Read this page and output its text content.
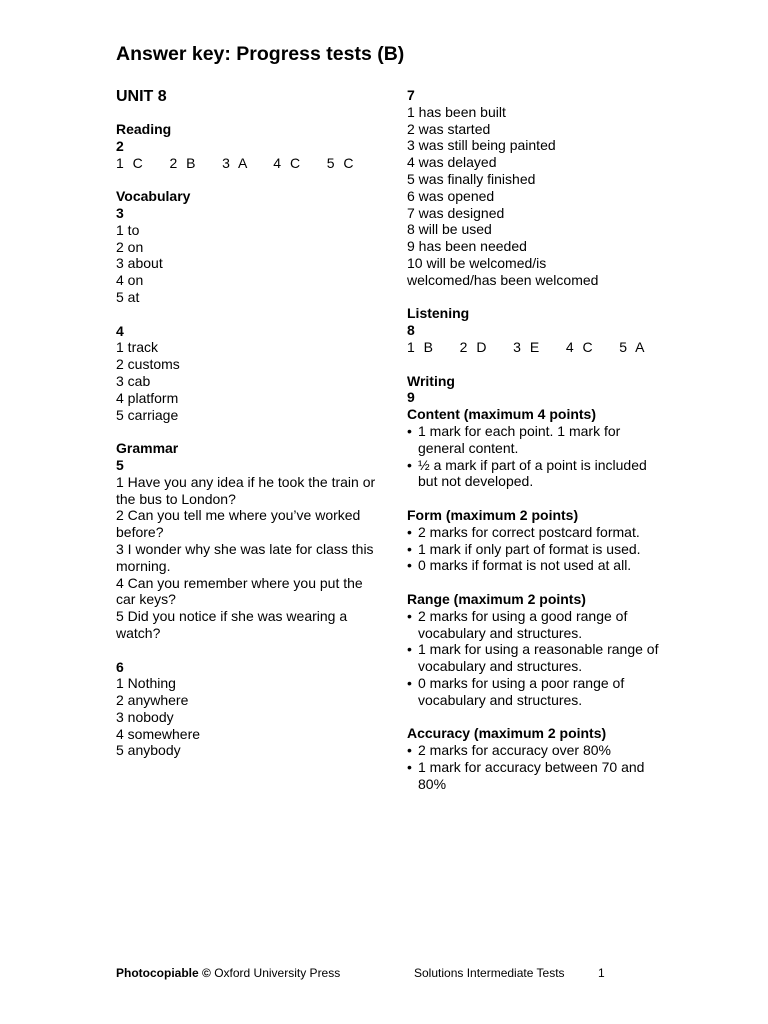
Answer key: Progress tests (B)
UNIT 8
Reading
2
1 C   2 B   3 A   4 C   5 C
Vocabulary
3
1 to
2 on
3 about
4 on
5 at
4
1 track
2 customs
3 cab
4 platform
5 carriage
Grammar
5
1 Have you any idea if he took the train or the bus to London?
2 Can you tell me where you’ve worked before?
3 I wonder why she was late for class this morning.
4 Can you remember where you put the car keys?
5 Did you notice if she was wearing a watch?
6
1 Nothing
2 anywhere
3 nobody
4 somewhere
5 anybody
7
1 has been built
2 was started
3 was still being painted
4 was delayed
5 was finally finished
6 was opened
7 was designed
8 will be used
9 has been needed
10 will be welcomed/is welcomed/has been welcomed
Listening
8
1 B   2 D   3 E   4 C   5 A
Writing
9
Content (maximum 4 points)
• 1 mark for each point. 1 mark for general content.
• ½ a mark if part of a point is included but not developed.
Form (maximum 2 points)
• 2 marks for correct postcard format.
• 1 mark if only part of format is used.
• 0 marks if format is not used at all.
Range (maximum 2 points)
• 2 marks for using a good range of vocabulary and structures.
• 1 mark for using a reasonable range of vocabulary and structures.
• 0 marks for using a poor range of vocabulary and structures.
Accuracy (maximum 2 points)
• 2 marks for accuracy over 80%
• 1 mark for accuracy between 70 and 80%
Photocopiable © Oxford University Press	Solutions Intermediate Tests	1
